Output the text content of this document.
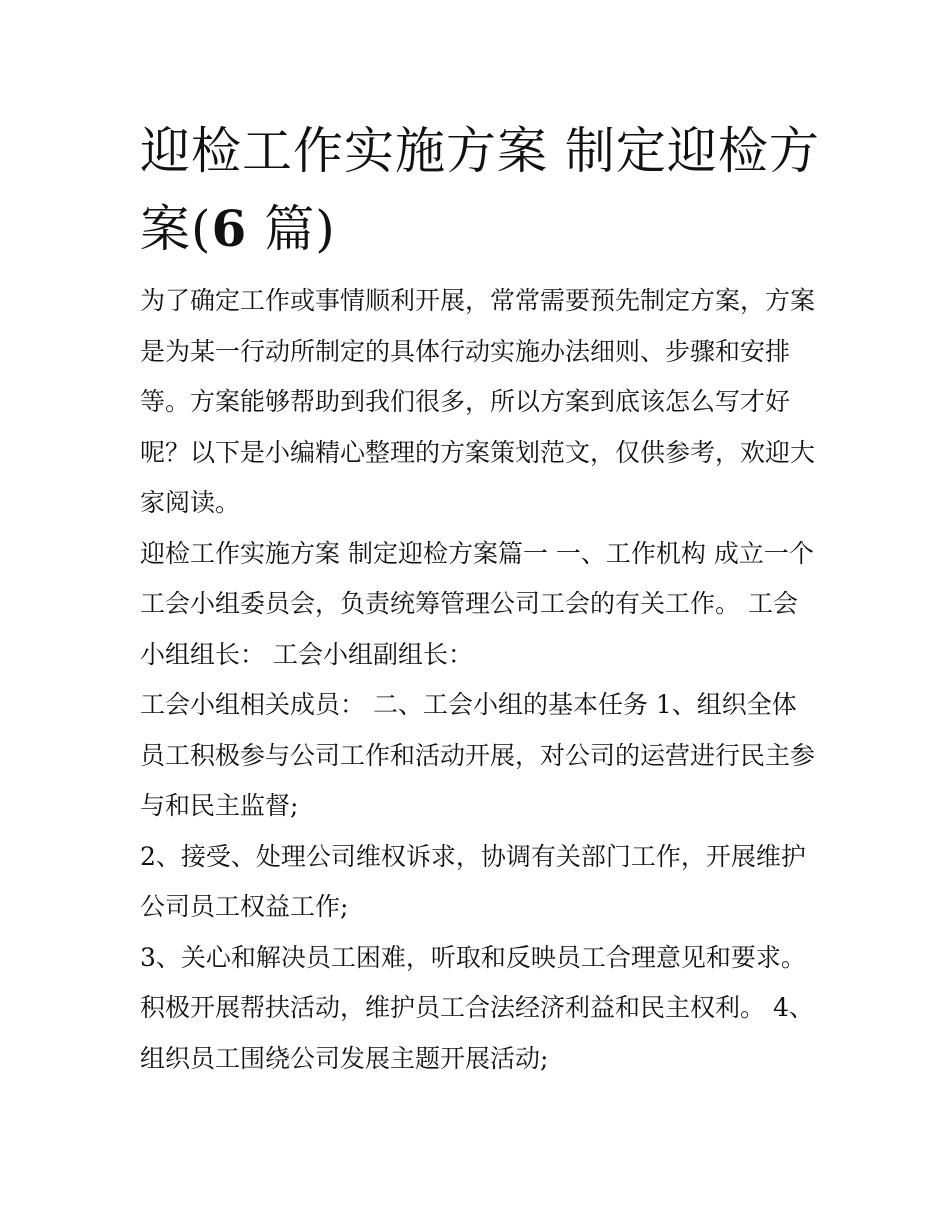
迎检工作实施方案 制定迎检方案(6 篇)

为了确定工作或事情顺利开展，常常需要预先制定方案，方案是为某一行动所制定的具体行动实施办法细则、步骤和安排等。方案能够帮助到我们很多，所以方案到底该怎么写才好呢？以下是小编精心整理的方案策划范文，仅供参考，欢迎大家阅读。

迎检工作实施方案 制定迎检方案篇一 一、工作机构 成立一个工会小组委员会，负责统筹管理公司工会的有关工作。 工会小组组长： 工会小组副组长：

工会小组相关成员： 二、工会小组的基本任务 1、组织全体员工积极参与公司工作和活动开展，对公司的运营进行民主参与和民主监督;

2、接受、处理公司维权诉求，协调有关部门工作，开展维护公司员工权益工作;

3、关心和解决员工困难，听取和反映员工合理意见和要求。积极开展帮扶活动，维护员工合法经济利益和民主权利。 4、组织员工围绕公司发展主题开展活动;
